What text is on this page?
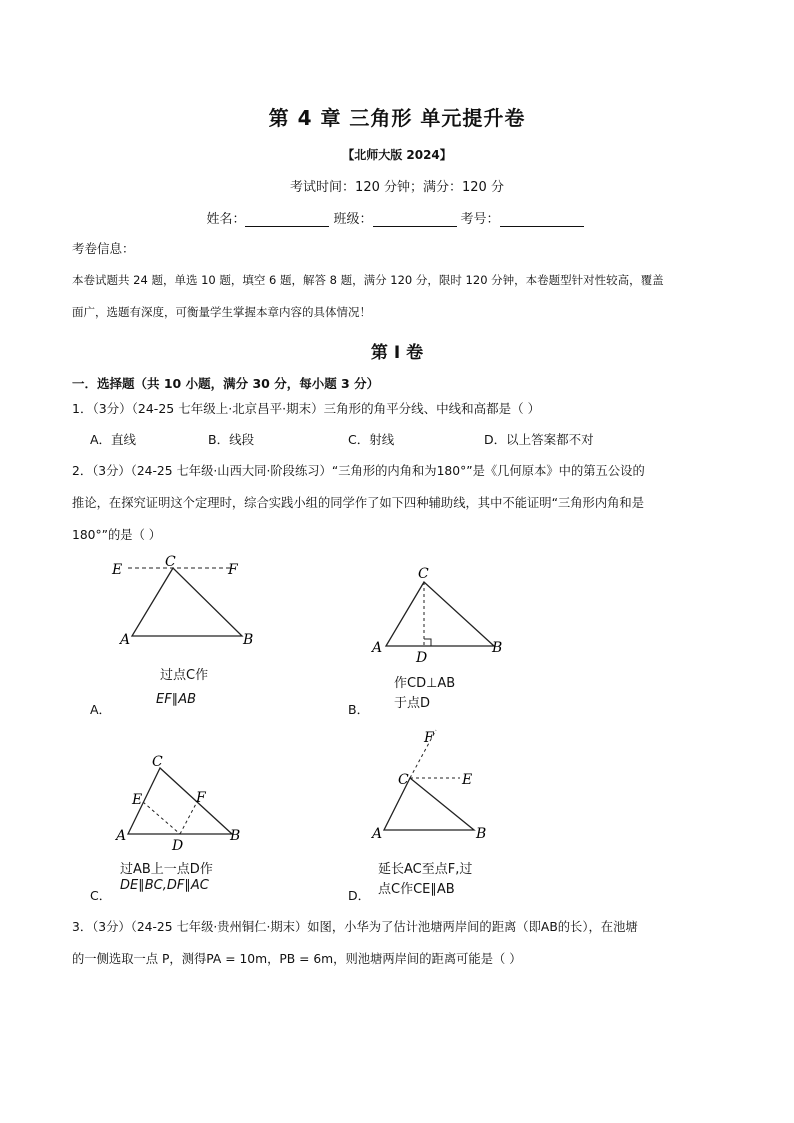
第 4 章 三角形 单元提升卷
【北师大版 2024】
考试时间：120 分钟；满分：120 分
姓名：	班级：	考号：
考卷信息：
本卷试题共 24 题，单选 10 题，填空 6 题，解答 8 题，满分 120 分，限时 120 分钟，本卷题型针对性较高，覆盖
面广，选题有深度，可衡量学生掌握本章内容的具体情况！
第 I 卷
一．选择题（共 10 小题，满分 30 分，每小题 3 分）
1．（3分）（24-25 七年级上·北京昌平·期末）三角形的角平分线、中线和高都是（ ）
A．直线	B．线段	C．射线	D．以上答案都不对
2．（3分）（24-25 七年级·山西大同·阶段练习）“三角形的内角和为180°”是《几何原本》中的第五公设的
推论，在探究证明这个定理时，综合实践小组的同学作了如下四种辅助线，其中不能证明“三角形内角和是
180°”的是（ ）
E	C	F
A	B
过点C作
EF∥AB
A．
C
A	B
D
作CD⊥AB
于点D
B．
C
E	F
A	B
D
过AB上一点D作
DE∥BC,DF∥AC
C．
F
C	E
A	B
延长AC至点F,过
点C作CE∥AB
D．
3．（3分）（24-25 七年级·贵州铜仁·期末）如图，小华为了估计池塘两岸间的距离（即AB的长），在池塘
的一侧选取一点 P，测得PA = 10m，PB = 6m，则池塘两岸间的距离可能是（ ）
